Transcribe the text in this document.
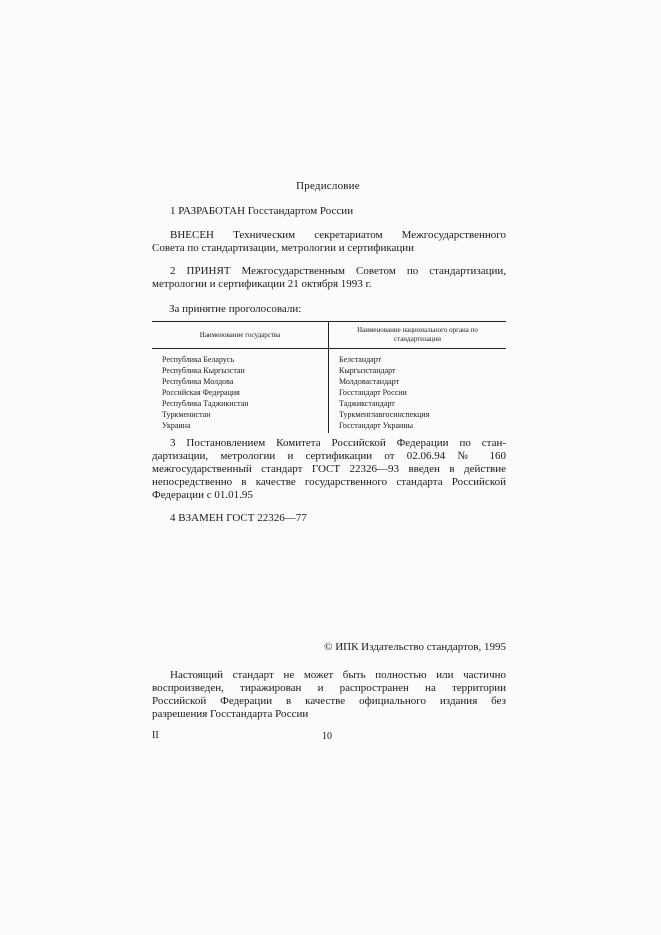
Предисловие

1 РАЗРАБОТАН Госстандартом России

ВНЕСЕН Техническим секретариатом Межгосударственного

Совета по стандартизации, метрологии и сертификации

2 ПРИНЯТ Межгосударственным Советом по стандартизации,

метрологии и сертификации 21 октября 1993 г.

За принятие проголосовали:
Наименование государства	Наименование национального органа по стандартизации
Республика Беларусь	Белстандарт
Республика Кыргызстан	Кыргызстандарт
Республика Молдова	Молдовастандарт
Российская Федерация	Госстандарт России
Республика Таджикистан	Таджикстандарт
Туркменистан	Туркменглавгосинспекция
Украина	Госстандарт Украины

3 Постановлением Комитета Российской Федерации по стан-

дартизации, метрологии и сертификации от 02.06.94 № 160

межгосударственный стандарт ГОСТ 22326—93 введен в действие

непосредственно в качестве государственного стандарта Российской

Федерации с 01.01.95

4 ВЗАМЕН ГОСТ 22326—77

© ИПК Издательство стандартов, 1995

Настоящий стандарт не может быть полностью или частично

воспроизведен, тиражирован и распространен на территории

Российской Федерации в качестве официального издания без

разрешения Госстандарта России

II	10
